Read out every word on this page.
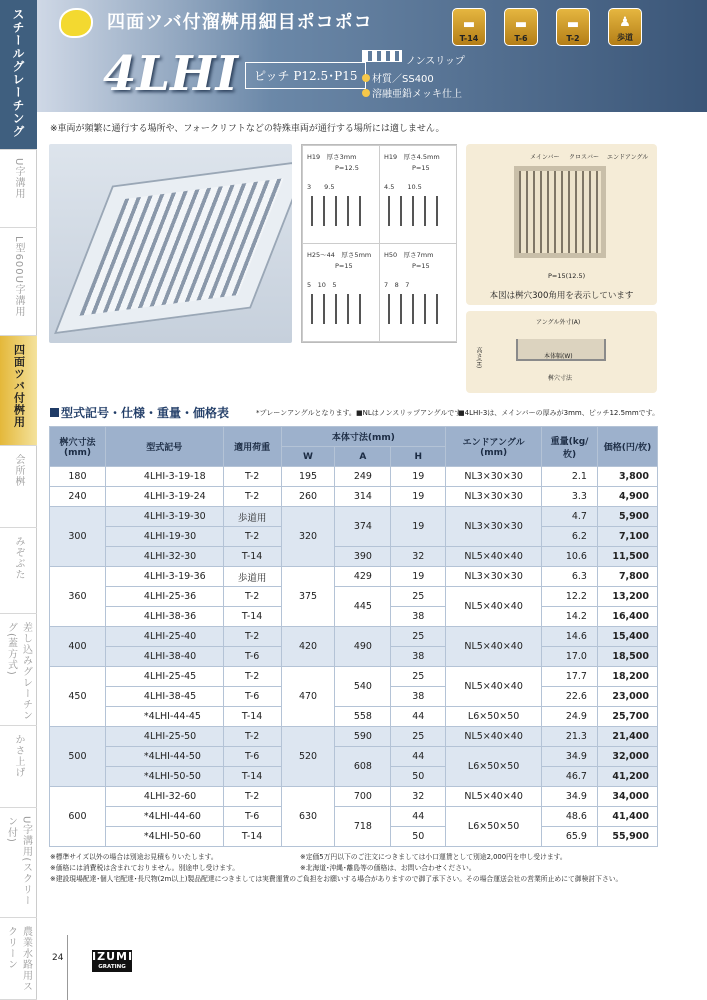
スチールグレーチング
U字溝用
L型600U字溝用
四面ツバ付桝用
会所桝
みぞぶた
差し込みグレーチング(蓋方式)
かさ上げ
U字溝用(スクリーン付)
農業水路用スクリーン
四面ツバ付溜桝用細目ポコポコ
4LHI	ピッチ P12.5･P15
ノンスリップ
材質／SS400
溶融亜鉛メッキ仕上
▬
T-14
▬
T-6
▬
T-2
♟
歩道
※車両が頻繁に通行する場所や、フォークリフトなどの特殊車両が通行する場所には適しません。
H19　厚さ3mm
P=12.5
3　　9.5
H19　厚さ4.5mm
P=15
4.5　　10.5
H25〜44　厚さ5mm
P=15
5　10　5
H50　厚さ7mm
P=15
7　8　7
メインバー クロスバー エンドアングル
P=15(12.5)
本図は桝穴300角用を表示しています
アングル外寸(A)
本体幅(W)
桝穴寸法
高さ(H)
型式記号・仕様・重量・価格表	*プレーンアングルとなります。 ■NLはノンスリップアングルです。
■4LHI-3は、メインバーの厚みが3mm、ピッチ12.5mmです。
桝穴寸法
(mm)	型式記号	適用荷重	本体寸法(mm)			エンドアングル
(mm)	重量(kg/枚)	価格(円/枚)
			W	A	H			
180	4LHI-3-19-18	T-2	195	249	19	NL3×30×30	2.1	3,800
240	4LHI-3-19-24	T-2	260	314	19	NL3×30×30	3.3	4,900
300	4LHI-3-19-30	歩道用	320	374	19	NL3×30×30	4.7	5,900
	4LHI-19-30	T-2					6.2	7,100
	4LHI-32-30	T-14		390	32	NL5×40×40	10.6	11,500
360	4LHI-3-19-36	歩道用	375	429	19	NL3×30×30	6.3	7,800
	4LHI-25-36	T-2		445	25	NL5×40×40	12.2	13,200
	4LHI-38-36	T-14			38		14.2	16,400
400	4LHI-25-40	T-2	420	490	25	NL5×40×40	14.6	15,400
	4LHI-38-40	T-6			38		17.0	18,500
450	4LHI-25-45	T-2	470	540	25	NL5×40×40	17.7	18,200
	4LHI-38-45	T-6			38		22.6	23,000
	*4LHI-44-45	T-14		558	44	L6×50×50	24.9	25,700
500	4LHI-25-50	T-2	520	590	25	NL5×40×40	21.3	21,400
	*4LHI-44-50	T-6		608	44	L6×50×50	34.9	32,000
	*4LHI-50-50	T-14			50		46.7	41,200
600	4LHI-32-60	T-2	630	700	32	NL5×40×40	34.9	34,000
	*4LHI-44-60	T-6		718	44	L6×50×50	48.6	41,400
	*4LHI-50-60	T-14			50		65.9	55,900
※標準サイズ以外の場合は別途お見積もりいたします。
※価格には消費税は含まれておりません。別途申し受けます。
※定価5万円以下のご注文につきましては小口運賃として別途2,000円を申し受けます。
※北海道･沖縄･離島等の価格は、お問い合わせください。
※建設現場配達･個人宅配達･長尺物(2m以上)製品配達につきましては実費運賃のご負担をお願いする場合がありますので御了承下さい。その場合運送会社の営業所止めにて御検討下さい。
24	IZUMI
GRATING
